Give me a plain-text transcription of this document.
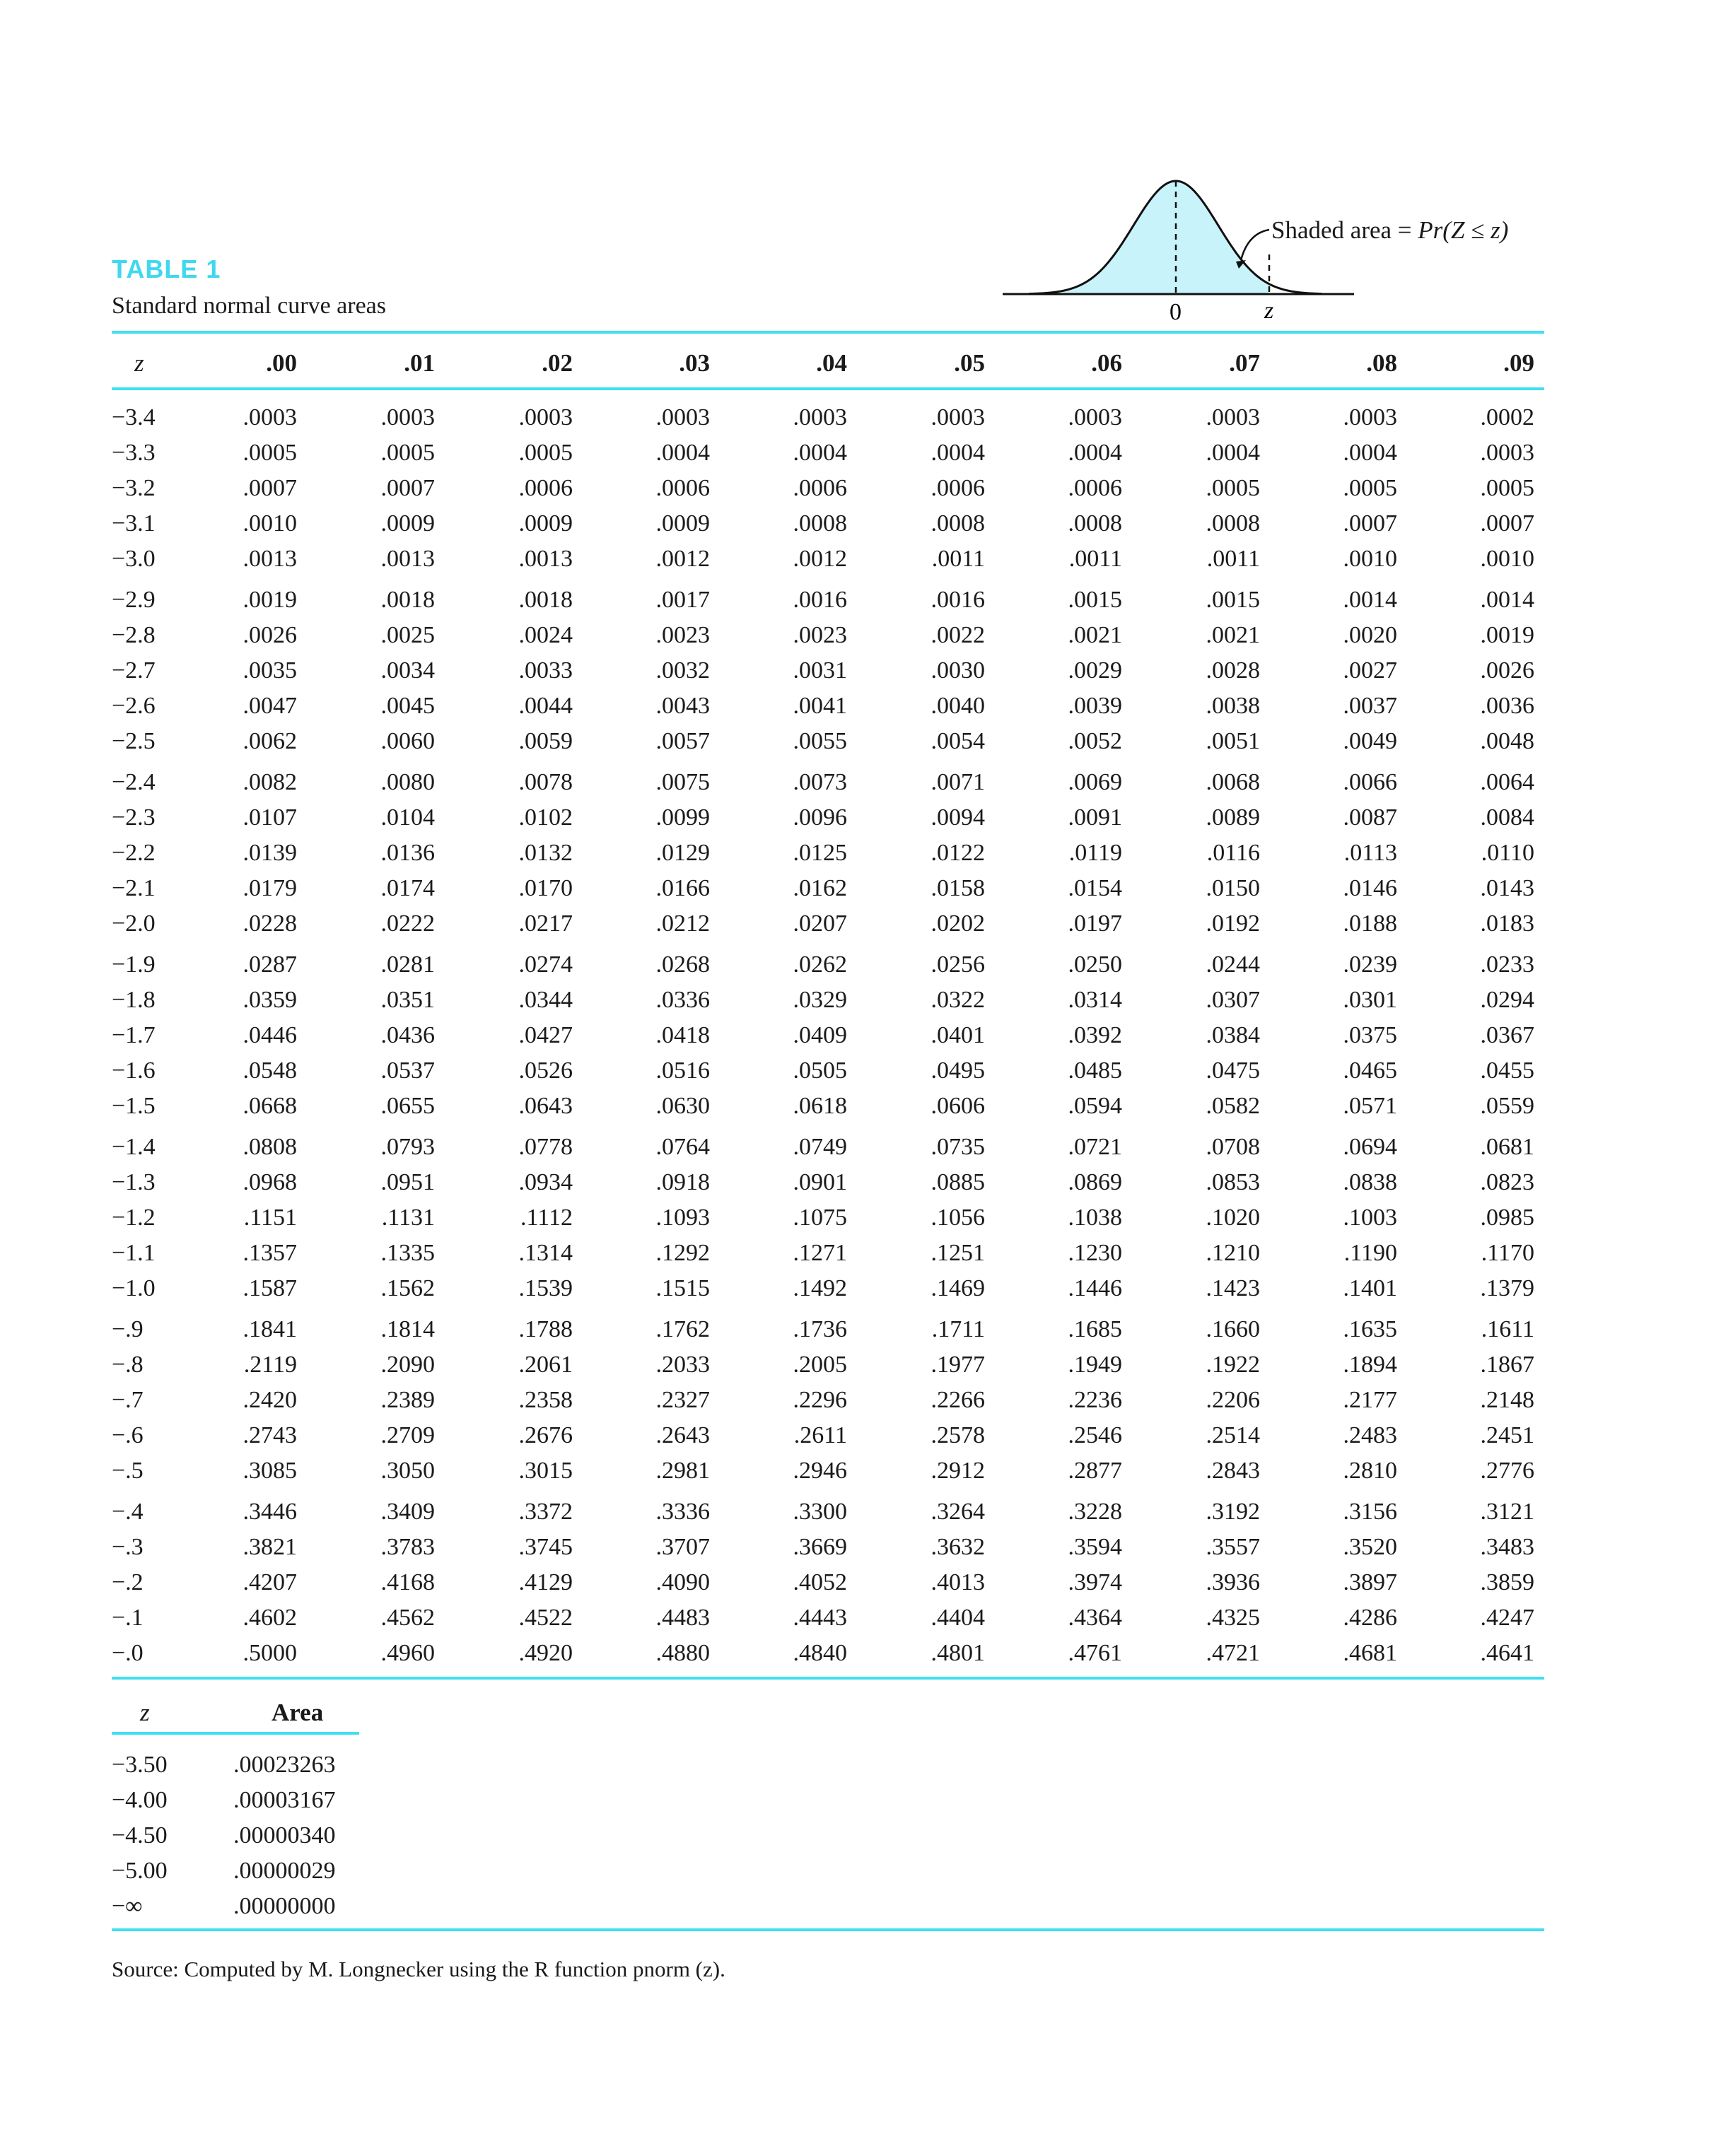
TABLE 1
Standard normal curve areas	0	z
Shaded area = Pr(Z ≤ z)
z	.00	.01	.02	.03	.04	.05	.06	.07	.08	.09
−3.4	.0003	.0003	.0003	.0003	.0003	.0003	.0003	.0003	.0003	.0002
−3.3	.0005	.0005	.0005	.0004	.0004	.0004	.0004	.0004	.0004	.0003
−3.2	.0007	.0007	.0006	.0006	.0006	.0006	.0006	.0005	.0005	.0005
−3.1	.0010	.0009	.0009	.0009	.0008	.0008	.0008	.0008	.0007	.0007
−3.0	.0013	.0013	.0013	.0012	.0012	.0011	.0011	.0011	.0010	.0010
−2.9	.0019	.0018	.0018	.0017	.0016	.0016	.0015	.0015	.0014	.0014
−2.8	.0026	.0025	.0024	.0023	.0023	.0022	.0021	.0021	.0020	.0019
−2.7	.0035	.0034	.0033	.0032	.0031	.0030	.0029	.0028	.0027	.0026
−2.6	.0047	.0045	.0044	.0043	.0041	.0040	.0039	.0038	.0037	.0036
−2.5	.0062	.0060	.0059	.0057	.0055	.0054	.0052	.0051	.0049	.0048
−2.4	.0082	.0080	.0078	.0075	.0073	.0071	.0069	.0068	.0066	.0064
−2.3	.0107	.0104	.0102	.0099	.0096	.0094	.0091	.0089	.0087	.0084
−2.2	.0139	.0136	.0132	.0129	.0125	.0122	.0119	.0116	.0113	.0110
−2.1	.0179	.0174	.0170	.0166	.0162	.0158	.0154	.0150	.0146	.0143
−2.0	.0228	.0222	.0217	.0212	.0207	.0202	.0197	.0192	.0188	.0183
−1.9	.0287	.0281	.0274	.0268	.0262	.0256	.0250	.0244	.0239	.0233
−1.8	.0359	.0351	.0344	.0336	.0329	.0322	.0314	.0307	.0301	.0294
−1.7	.0446	.0436	.0427	.0418	.0409	.0401	.0392	.0384	.0375	.0367
−1.6	.0548	.0537	.0526	.0516	.0505	.0495	.0485	.0475	.0465	.0455
−1.5	.0668	.0655	.0643	.0630	.0618	.0606	.0594	.0582	.0571	.0559
−1.4	.0808	.0793	.0778	.0764	.0749	.0735	.0721	.0708	.0694	.0681
−1.3	.0968	.0951	.0934	.0918	.0901	.0885	.0869	.0853	.0838	.0823
−1.2	.1151	.1131	.1112	.1093	.1075	.1056	.1038	.1020	.1003	.0985
−1.1	.1357	.1335	.1314	.1292	.1271	.1251	.1230	.1210	.1190	.1170
−1.0	.1587	.1562	.1539	.1515	.1492	.1469	.1446	.1423	.1401	.1379
−.9	.1841	.1814	.1788	.1762	.1736	.1711	.1685	.1660	.1635	.1611
−.8	.2119	.2090	.2061	.2033	.2005	.1977	.1949	.1922	.1894	.1867
−.7	.2420	.2389	.2358	.2327	.2296	.2266	.2236	.2206	.2177	.2148
−.6	.2743	.2709	.2676	.2643	.2611	.2578	.2546	.2514	.2483	.2451
−.5	.3085	.3050	.3015	.2981	.2946	.2912	.2877	.2843	.2810	.2776
−.4	.3446	.3409	.3372	.3336	.3300	.3264	.3228	.3192	.3156	.3121
−.3	.3821	.3783	.3745	.3707	.3669	.3632	.3594	.3557	.3520	.3483
−.2	.4207	.4168	.4129	.4090	.4052	.4013	.3974	.3936	.3897	.3859
−.1	.4602	.4562	.4522	.4483	.4443	.4404	.4364	.4325	.4286	.4247
−.0	.5000	.4960	.4920	.4880	.4840	.4801	.4761	.4721	.4681	.4641
z	Area
−3.50	.00023263
−4.00	.00003167
−4.50	.00000340
−5.00	.00000029
−∞	.00000000
Source: Computed by M. Longnecker using the R function pnorm (z).
